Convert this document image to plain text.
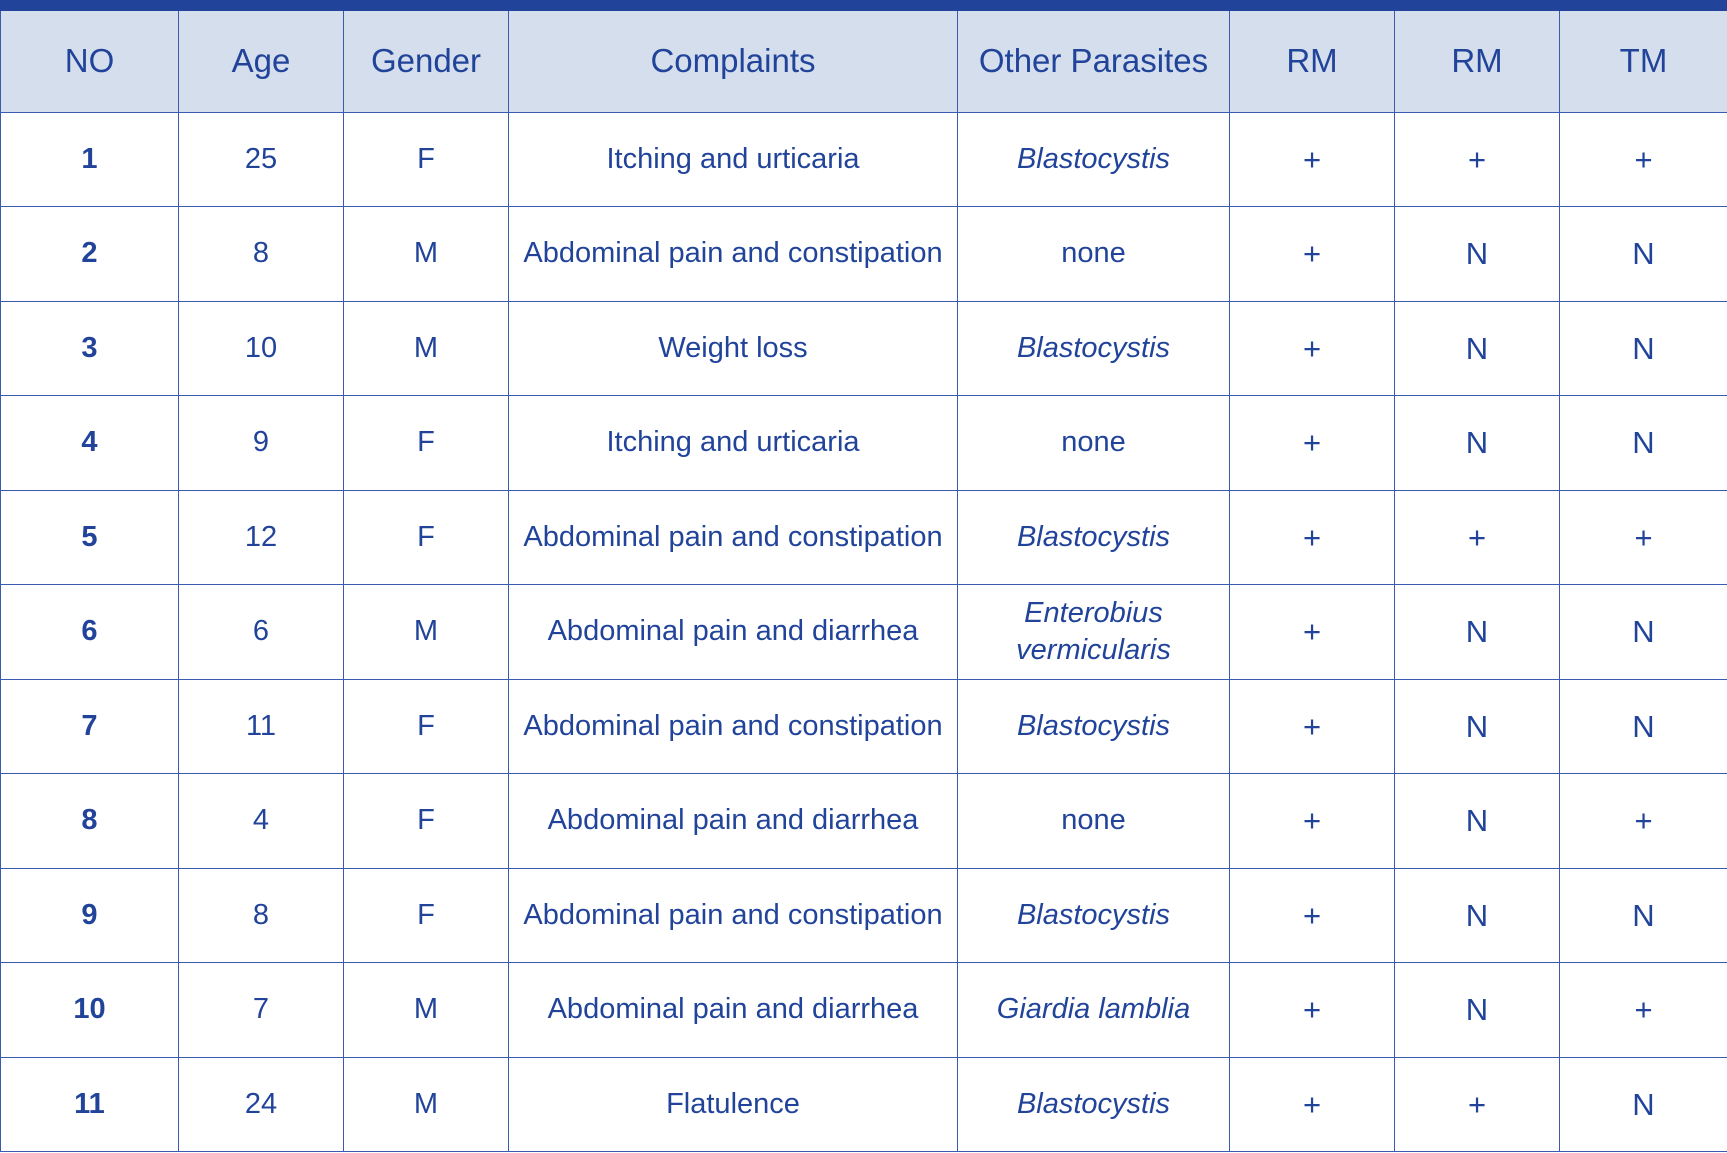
NO	Age	Gender	Complaints	Other Parasites	RM	RM	TM
1	25	F	Itching and urticaria	Blastocystis	+	+	+
2	8	M	Abdominal pain and constipation	none	+	N	N
3	10	M	Weight loss	Blastocystis	+	N	N
4	9	F	Itching and urticaria	none	+	N	N
5	12	F	Abdominal pain and constipation	Blastocystis	+	+	+
6	6	M	Abdominal pain and diarrhea	Enterobius vermicularis	+	N	N
7	11	F	Abdominal pain and constipation	Blastocystis	+	N	N
8	4	F	Abdominal pain and diarrhea	none	+	N	+
9	8	F	Abdominal pain and constipation	Blastocystis	+	N	N
10	7	M	Abdominal pain and diarrhea	Giardia lamblia	+	N	+
11	24	M	Flatulence	Blastocystis	+	+	N
